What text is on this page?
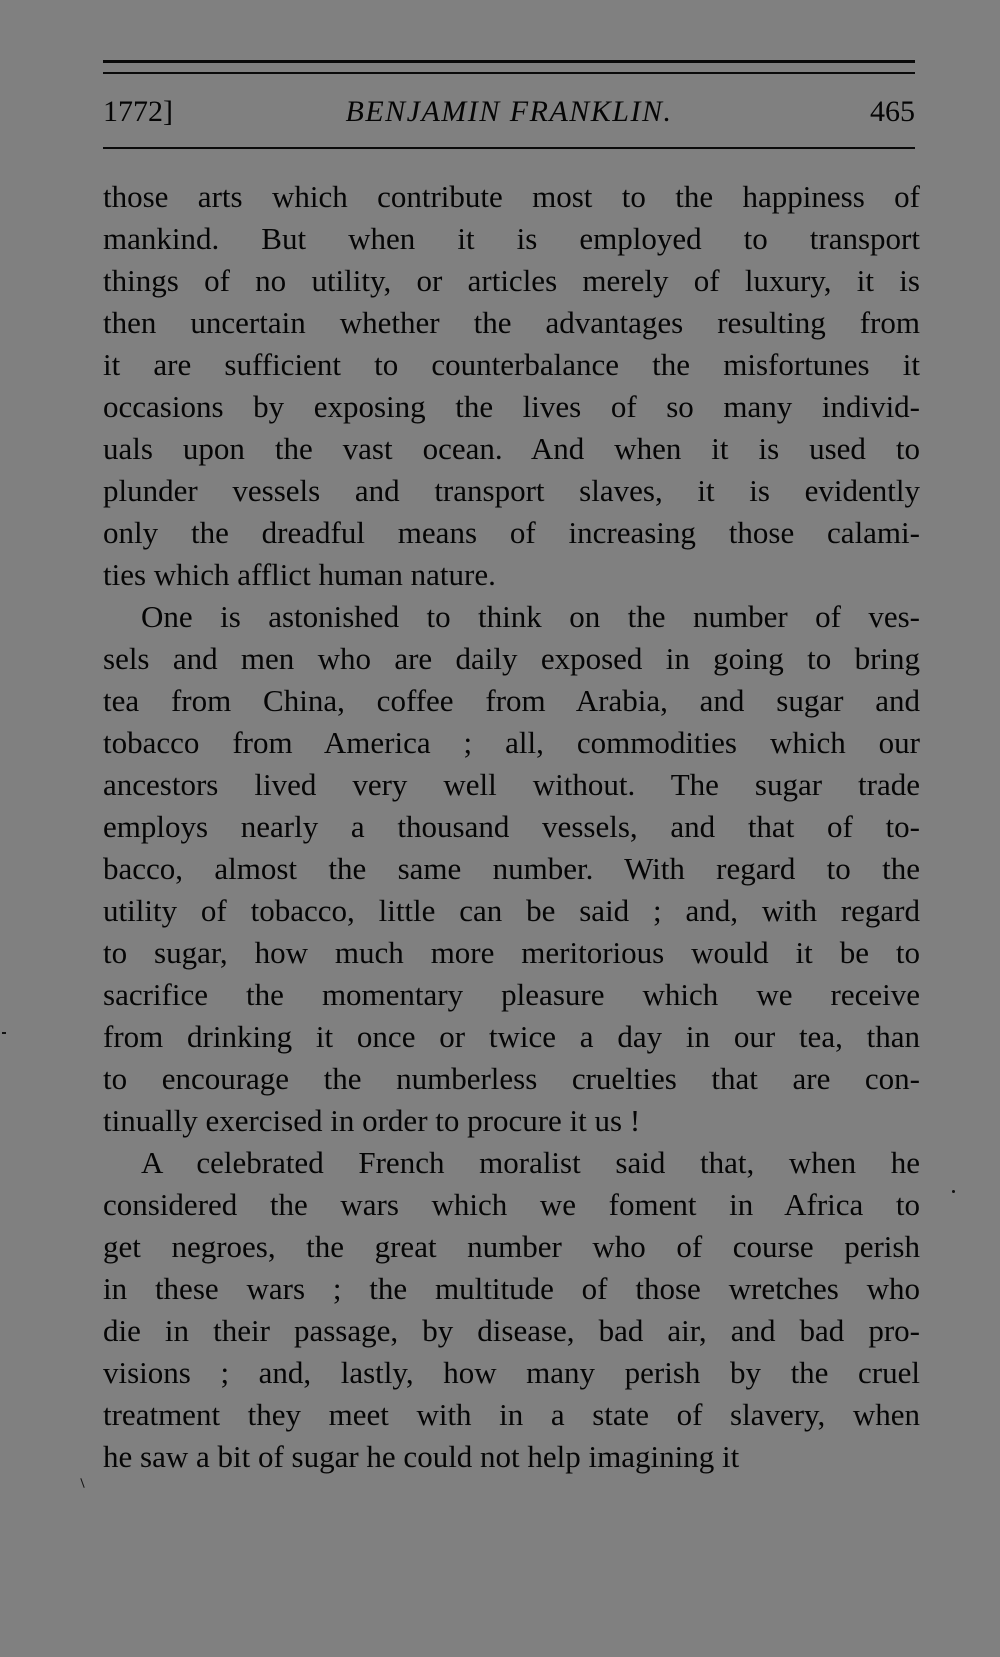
1772]	BENJAMIN FRANKLIN.	465
those arts which contribute most to the happiness of
mankind. But when it is employed to transport
things of no utility, or articles merely of luxury, it is
then uncertain whether the advantages resulting from
it are sufficient to counterbalance the misfortunes it
occasions by exposing the lives of so many individ-
uals upon the vast ocean. And when it is used to
plunder vessels and transport slaves, it is evidently
only the dreadful means of increasing those calami-
ties which afflict human nature.
One is astonished to think on the number of ves-
sels and men who are daily exposed in going to bring
tea from China, coffee from Arabia, and sugar and
tobacco from America ; all, commodities which our
ancestors lived very well without. The sugar trade
employs nearly a thousand vessels, and that of to-
bacco, almost the same number. With regard to the
utility of tobacco, little can be said ; and, with regard
to sugar, how much more meritorious would it be to
sacrifice the momentary pleasure which we receive
from drinking it once or twice a day in our tea, than
to encourage the numberless cruelties that are con-
tinually exercised in order to procure it us !
A celebrated French moralist said that, when he
considered the wars which we foment in Africa to
get negroes, the great number who of course perish
in these wars ; the multitude of those wretches who
die in their passage, by disease, bad air, and bad pro-
visions ; and, lastly, how many perish by the cruel
treatment they meet with in a state of slavery, when
he saw a bit of sugar he could not help imagining it
